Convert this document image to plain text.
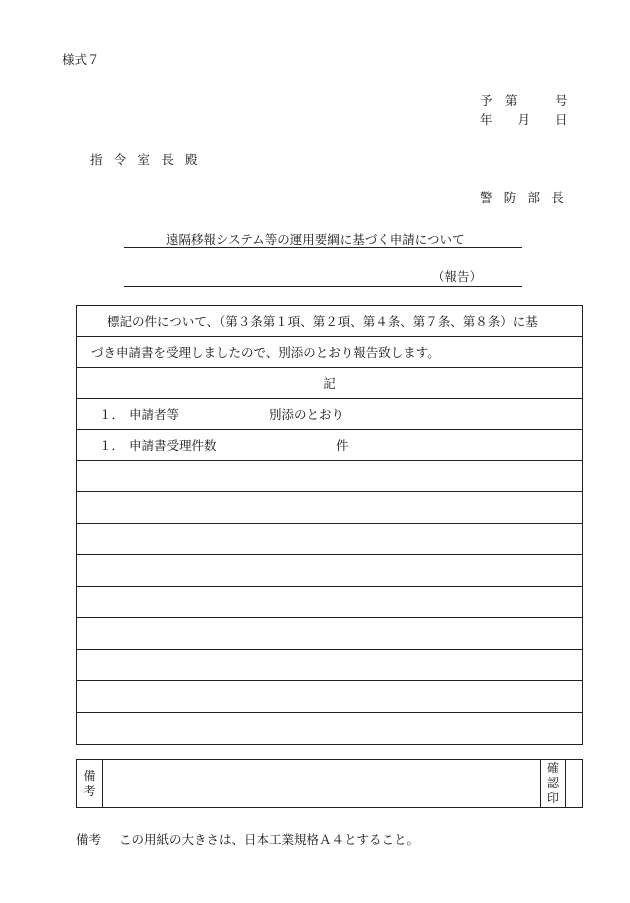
様式７
予　第　　　号
年　　月　　日
指令室長殿
警防部長
遠隔移報システム等の運用要綱に基づく申請について
（報告）
標記の件について、（第３条第１項、第２項、第４条、第７条、第８条）に基
づき申請書を受理しましたので、別添のとおり報告致します。
記
１． 申請者等	別添のとおり
１． 申請書受理件数	件
備
考
確
認
印
備考 この用紙の大きさは、日本工業規格Ａ４とすること。
